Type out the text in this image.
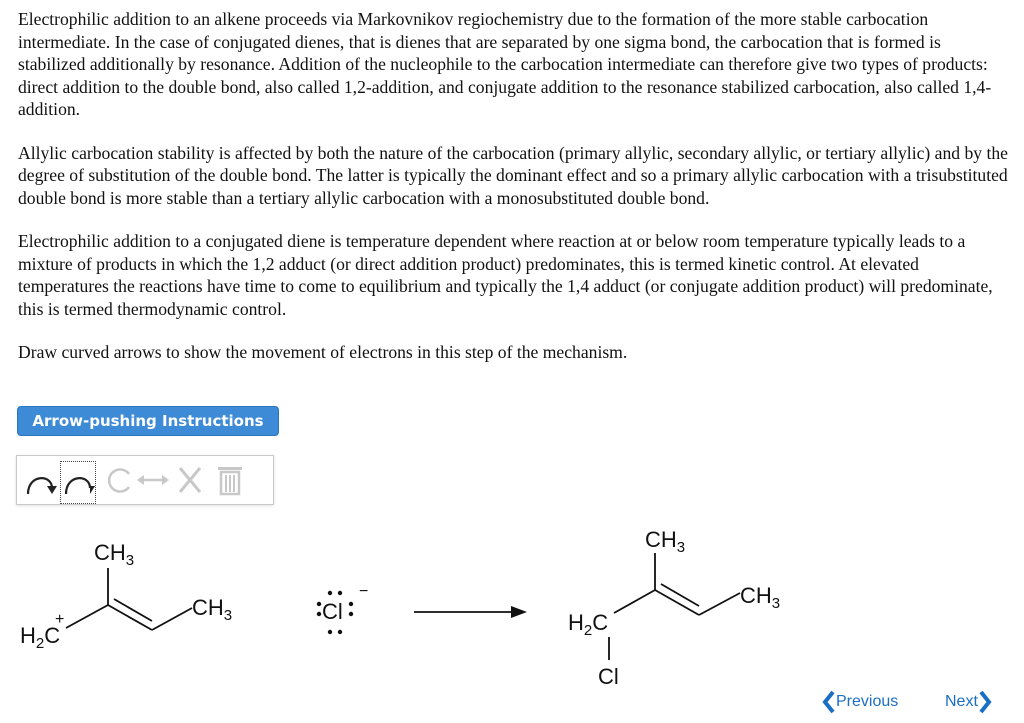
Electrophilic addition to an alkene proceeds via Markovnikov regiochemistry due to the formation of the more stable carbocation intermediate. In the case of conjugated dienes, that is dienes that are separated by one sigma bond, the carbocation that is formed is stabilized additionally by resonance. Addition of the nucleophile to the carbocation intermediate can therefore give two types of products: direct addition to the double bond, also called 1,2-addition, and conjugate addition to the resonance stabilized carbocation, also called 1,4-addition.

Allylic carbocation stability is affected by both the nature of the carbocation (primary allylic, secondary allylic, or tertiary allylic) and by the degree of substitution of the double bond. The latter is typically the dominant effect and so a primary allylic carbocation with a trisubstituted double bond is more stable than a tertiary allylic carbocation with a monosubstituted double bond.

Electrophilic addition to a conjugated diene is temperature dependent where reaction at or below room temperature typically leads to a mixture of products in which the 1,2 adduct (or direct addition product) predominates, this is termed kinetic control. At elevated temperatures the reactions have time to come to equilibrium and typically the 1,4 adduct (or conjugate addition product) will predominate, this is termed thermodynamic control.

Draw curved arrows to show the movement of electrons in this step of the mechanism.

Arrow-pushing Instructions
$CH_3$
$H_2C$
+	$CH_3$	Cl
−
$CH_3$
$H_2C$
$CH_3$
Cl
Previous	Next
